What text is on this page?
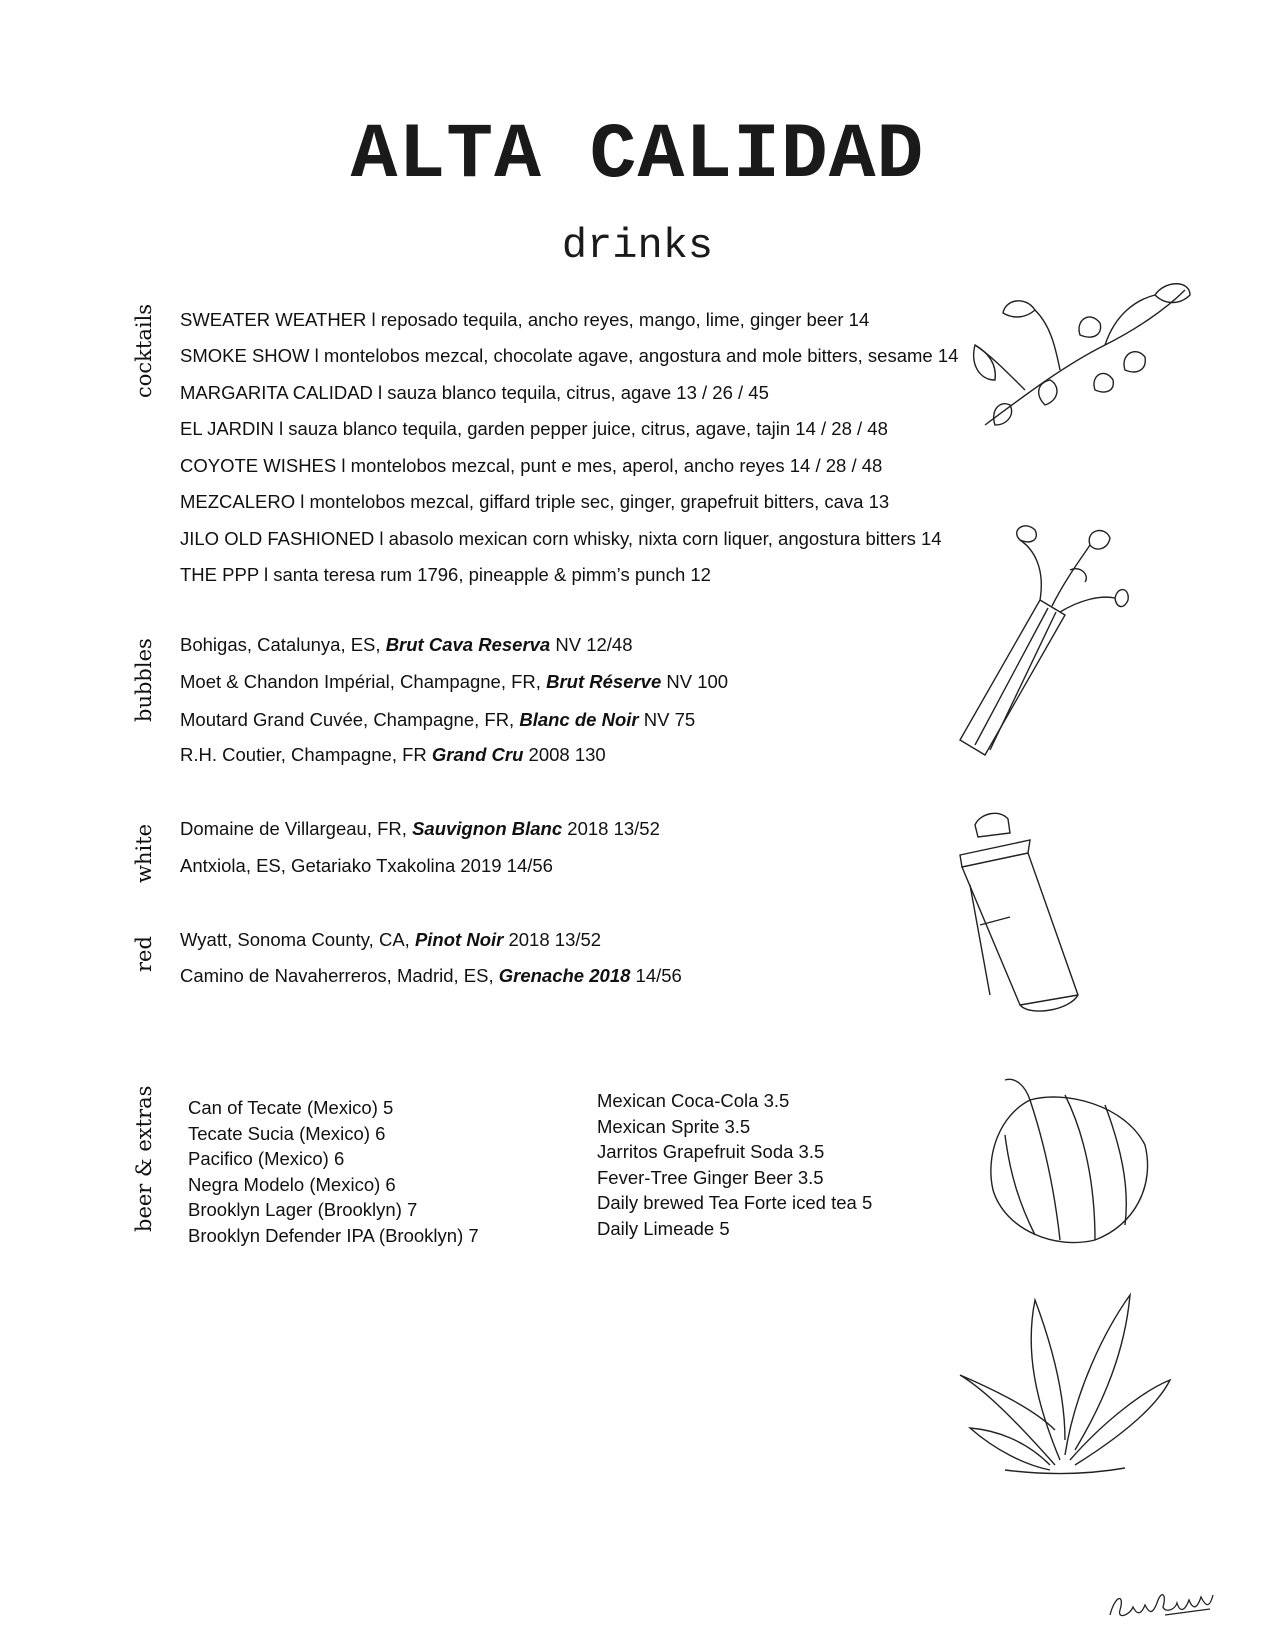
ALTA CALIDAD
drinks
cocktails
bubbles
white
red
beer & extras
SWEATER WEATHER l reposado tequila, ancho reyes, mango, lime, ginger beer 14
SMOKE SHOW l montelobos mezcal, chocolate agave, angostura and mole bitters, sesame 14
MARGARITA CALIDAD l sauza blanco tequila, citrus, agave 13 / 26 / 45
EL JARDIN l sauza blanco tequila, garden pepper juice, citrus, agave, tajin 14 / 28 / 48
COYOTE WISHES l montelobos mezcal, punt e mes, aperol, ancho reyes 14 / 28 / 48
MEZCALERO l montelobos mezcal, giffard triple sec, ginger, grapefruit bitters, cava 13
JILO OLD FASHIONED l abasolo mexican corn whisky, nixta corn liquer, angostura bitters 14
THE PPP l santa teresa rum 1796, pineapple & pimm’s punch 12
Bohigas, Catalunya, ES, Brut Cava Reserva NV 12/48
Moet & Chandon Impérial, Champagne, FR, Brut Réserve NV 100
Moutard Grand Cuvée, Champagne, FR, Blanc de Noir NV 75
R.H. Coutier, Champagne, FR Grand Cru 2008 130
Domaine de Villargeau, FR, Sauvignon Blanc 2018 13/52
Antxiola, ES, Getariako Txakolina 2019 14/56
Wyatt, Sonoma County, CA, Pinot Noir 2018 13/52
Camino de Navaherreros, Madrid, ES, Grenache 2018 14/56
Can of Tecate (Mexico) 5
Tecate Sucia (Mexico) 6
Pacifico (Mexico) 6
Negra Modelo (Mexico) 6
Brooklyn Lager (Brooklyn) 7
Brooklyn Defender IPA (Brooklyn) 7
Mexican Coca-Cola 3.5
Mexican Sprite 3.5
Jarritos Grapefruit Soda 3.5
Fever-Tree Ginger Beer 3.5
Daily brewed Tea Forte iced tea 5
Daily Limeade 5
